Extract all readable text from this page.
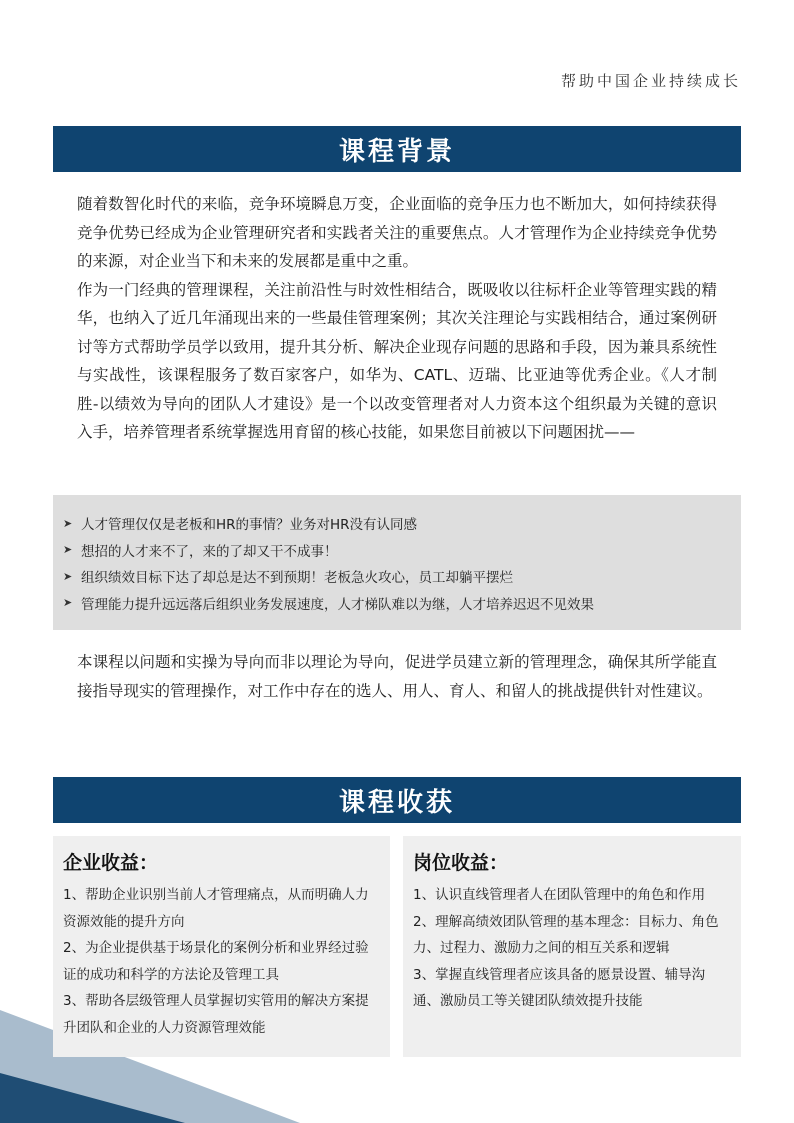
帮助中国企业持续成长
课程背景

随着数智化时代的来临，竞争环境瞬息万变，企业面临的竞争压力也不断加大，如何持续获得竞争优势已经成为企业管理研究者和实践者关注的重要焦点。人才管理作为企业持续竞争优势的来源，对企业当下和未来的发展都是重中之重。

作为一门经典的管理课程，关注前沿性与时效性相结合，既吸收以往标杆企业等管理实践的精华，也纳入了近几年涌现出来的一些最佳管理案例；其次关注理论与实践相结合，通过案例研讨等方式帮助学员学以致用，提升其分析、解决企业现存问题的思路和手段，因为兼具系统性与实战性，该课程服务了数百家客户，如华为、CATL、迈瑞、比亚迪等优秀企业。《人才制胜-以绩效为导向的团队人才建设》是一个以改变管理者对人力资本这个组织最为关键的意识入手，培养管理者系统掌握选用育留的核心技能，如果您目前被以下问题困扰——

➤ 人才管理仅仅是老板和HR的事情？业务对HR没有认同感
➤ 想招的人才来不了，来的了却又干不成事！
➤ 组织绩效目标下达了却总是达不到预期！老板急火攻心，员工却躺平摆烂
➤ 管理能力提升远远落后组织业务发展速度，人才梯队难以为继，人才培养迟迟不见效果

本课程以问题和实操为导向而非以理论为导向，促进学员建立新的管理理念，确保其所学能直接指导现实的管理操作，对工作中存在的选人、用人、育人、和留人的挑战提供针对性建议。

课程收获
企业收益：
1、帮助企业识别当前人才管理痛点，从而明确人力资源效能的提升方向
2、为企业提供基于场景化的案例分析和业界经过验证的成功和科学的方法论及管理工具
3、帮助各层级管理人员掌握切实管用的解决方案提升团队和企业的人力资源管理效能
岗位收益：
1、认识直线管理者人在团队管理中的角色和作用
2、理解高绩效团队管理的基本理念：目标力、角色力、过程力、激励力之间的相互关系和逻辑
3、掌握直线管理者应该具备的愿景设置、辅导沟通、激励员工等关键团队绩效提升技能
